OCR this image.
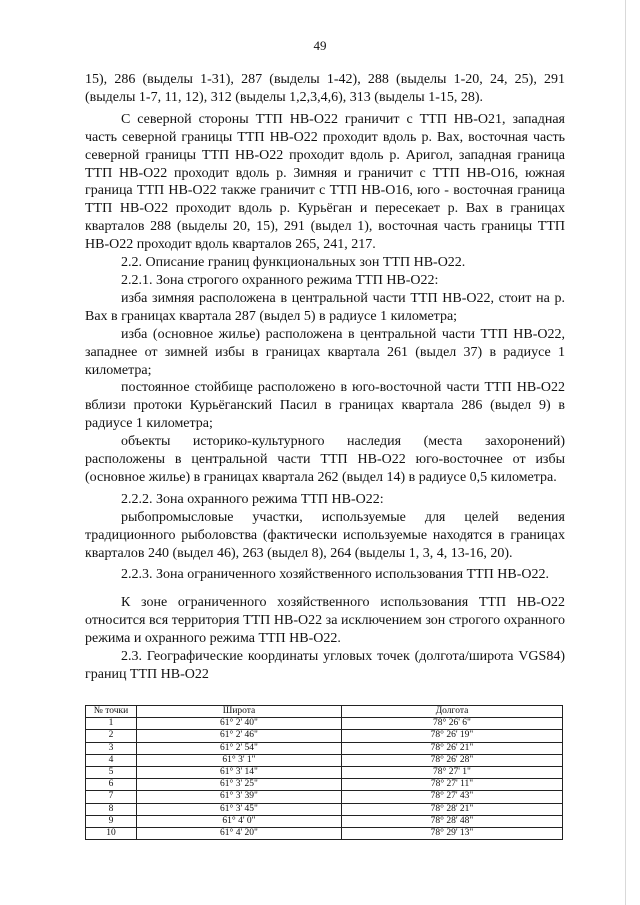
49

15), 286 (выделы 1-31), 287 (выделы 1-42), 288 (выделы 1-20, 24, 25), 291 (выделы 1-7, 11, 12), 312 (выделы 1,2,3,4,6), 313 (выделы 1-15, 28).

С северной стороны ТТП НВ-О22 граничит с ТТП НВ-О21, западная часть северной границы ТТП НВ-О22 проходит вдоль р. Вах, восточная часть северной границы ТТП НВ-О22 проходит вдоль р. Аригол, западная граница ТТП НВ-О22 проходит вдоль р. Зимняя и граничит с ТТП НВ-О16, южная граница ТТП НВ-О22 также граничит с ТТП НВ-О16, юго - восточная граница ТТП НВ-О22 проходит вдоль р. Курьёган и пересекает р. Вах в границах кварталов 288 (выделы 20, 15), 291 (выдел 1), восточная часть границы ТТП НВ-О22 проходит вдоль кварталов 265, 241, 217.

2.2. Описание границ функциональных зон ТТП НВ-О22.

2.2.1. Зона строгого охранного режима ТТП НВ-О22:

изба зимняя расположена в центральной части ТТП НВ-О22, стоит на р. Вах в границах квартала 287 (выдел 5) в радиусе 1 километра;

изба (основное жилье) расположена в центральной части ТТП НВ-О22, западнее от зимней избы в границах квартала 261 (выдел 37) в радиусе 1 километра;

постоянное стойбище расположено в юго-восточной части ТТП НВ-О22 вблизи протоки Курьёганский Пасил в границах квартала 286 (выдел 9) в радиусе 1 километра;

объекты историко-культурного наследия (места захоронений) расположены в центральной части ТТП НВ-О22 юго-восточнее от избы (основное жилье) в границах квартала 262 (выдел 14) в радиусе 0,5 километра.

2.2.2. Зона охранного режима ТТП НВ-О22:

рыбопромысловые участки, используемые для целей ведения традиционного рыболовства (фактически используемые находятся в границах кварталов 240 (выдел 46), 263 (выдел 8), 264 (выделы 1, 3, 4, 13-16, 20).

2.2.3. Зона ограниченного хозяйственного использования ТТП НВ-О22.

К зоне ограниченного хозяйственного использования ТТП НВ-О22 относится вся территория ТТП НВ-О22 за исключением зон строгого охранного режима и охранного режима ТТП НВ-О22.

2.3. Географические координаты угловых точек (долгота/широта VGS84) границ ТТП НВ-О22

№ точки	Широта	Долгота
1	61° 2' 40"	78° 26' 6"
2	61° 2' 46"	78° 26' 19"
3	61° 2' 54"	78° 26' 21"
4	61° 3' 1"	78° 26' 28"
5	61° 3' 14"	78° 27' 1"
6	61° 3' 25"	78° 27' 11"
7	61° 3' 39"	78° 27' 43"
8	61° 3' 45"	78° 28' 21"
9	61° 4' 0"	78° 28' 48"
10	61° 4' 20"	78° 29' 13"
